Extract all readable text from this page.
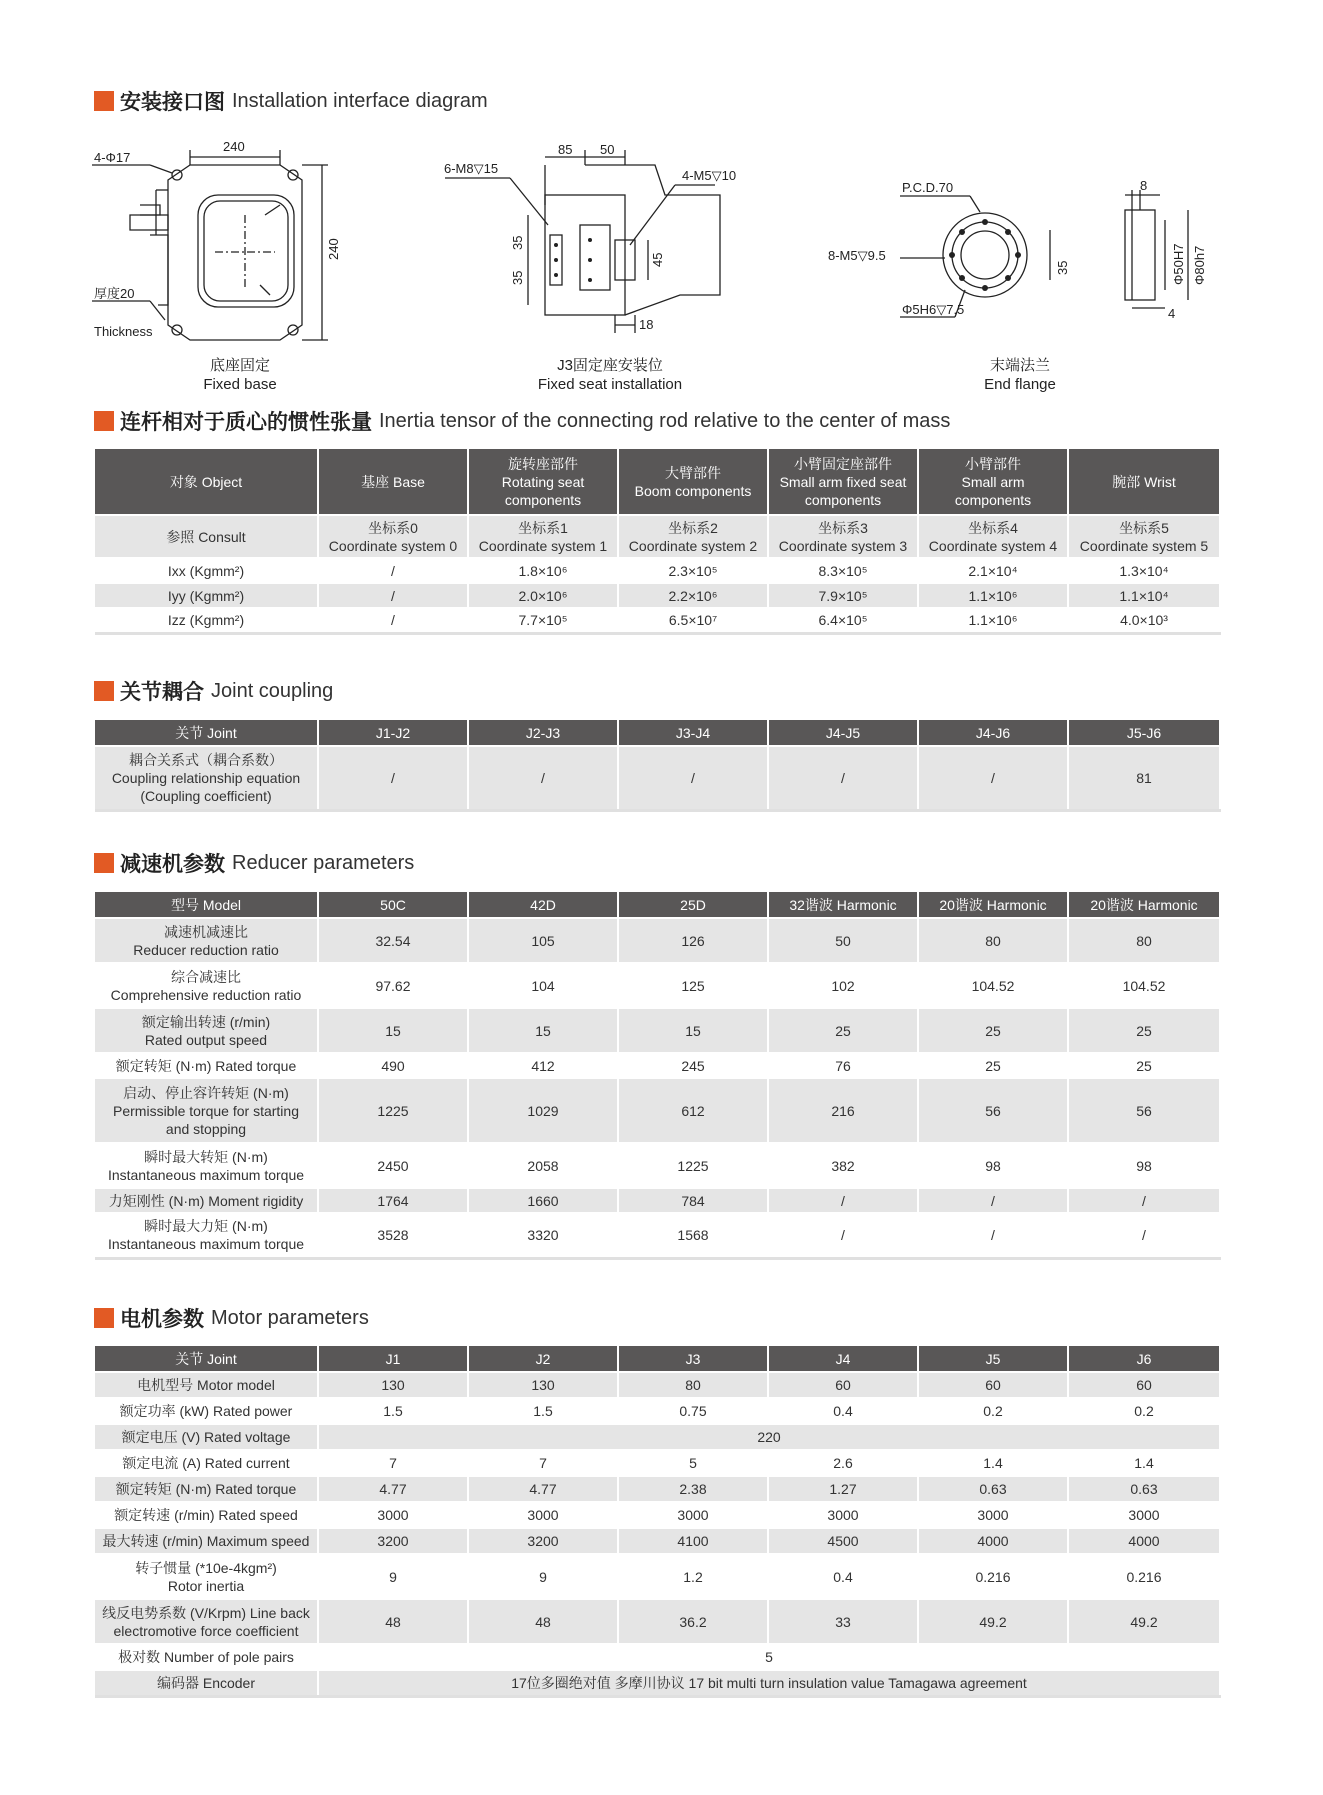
安装接口图 Installation interface diagram
连杆相对于质心的惯性张量 Inertia tensor of the connecting rod relative to the center of mass
关节耦合 Joint coupling
减速机参数 Reducer parameters
电机参数 Motor parameters
240
240
4-Φ17
厚度20
Thickness
底座固定
Fixed base
6-M8▽15	4-M5▽10
85 50
35
35
45
18
J3固定座安装位
Fixed seat installation
P.C.D.70
8-M5▽9.5
Φ5H6▽7.5
35
8
Φ50H7 Φ80h7
4
末端法兰
End flange
对象 Object	基座 Base	旋转座部件
Rotating seat
components	大臂部件
Boom components	小臂固定座部件
Small arm fixed seat
components	小臂部件
Small arm
components	腕部 Wrist
参照 Consult	坐标系0
Coordinate system 0	坐标系1
Coordinate system 1	坐标系2
Coordinate system 2	坐标系3
Coordinate system 3	坐标系4
Coordinate system 4	坐标系5
Coordinate system 5
Ixx (Kgmm²)	/	1.8×10⁶	2.3×10⁵	8.3×10⁵	2.1×10⁴	1.3×10⁴
Iyy (Kgmm²)	/	2.0×10⁶	2.2×10⁶	7.9×10⁵	1.1×10⁶	1.1×10⁴
Izz (Kgmm²)	/	7.7×10⁵	6.5×10⁷	6.4×10⁵	1.1×10⁶	4.0×10³
关节 Joint	J1-J2	J2-J3	J3-J4	J4-J5	J4-J6	J5-J6
耦合关系式（耦合系数）
Coupling relationship equation
(Coupling coefficient)	/	/	/	/	/	81
型号 Model	50C	42D	25D	32谐波 Harmonic	20谐波 Harmonic	20谐波 Harmonic
减速机减速比
Reducer reduction ratio	32.54	105	126	50	80	80
综合减速比
Comprehensive reduction ratio	97.62	104	125	102	104.52	104.52
额定输出转速 (r/min)
Rated output speed	15	15	15	25	25	25
额定转矩 (N·m) Rated torque	490	412	245	76	25	25
启动、停止容许转矩 (N·m)
Permissible torque for starting
and stopping	1225	1029	612	216	56	56
瞬时最大转矩 (N·m)
Instantaneous maximum torque	2450	2058	1225	382	98	98
力矩刚性 (N·m) Moment rigidity	1764	1660	784	/	/	/
瞬时最大力矩 (N·m)
Instantaneous maximum torque	3528	3320	1568	/	/	/
关节 Joint	J1	J2	J3	J4	J5	J6
电机型号 Motor model	130	130	80	60	60	60
额定功率 (kW) Rated power	1.5	1.5	0.75	0.4	0.2	0.2
额定电压 (V) Rated voltage	220					
额定电流 (A) Rated current	7	7	5	2.6	1.4	1.4
额定转矩 (N·m) Rated torque	4.77	4.77	2.38	1.27	0.63	0.63
额定转速 (r/min) Rated speed	3000	3000	3000	3000	3000	3000
最大转速 (r/min) Maximum speed	3200	3200	4100	4500	4000	4000
转子惯量 (*10e-4kgm²)
Rotor inertia	9	9	1.2	0.4	0.216	0.216
线反电势系数 (V/Krpm) Line back
electromotive force coefficient	48	48	36.2	33	49.2	49.2
极对数 Number of pole pairs	5					
编码器 Encoder	17位多圈绝对值 多摩川协议 17 bit multi turn insulation value Tamagawa agreement					
